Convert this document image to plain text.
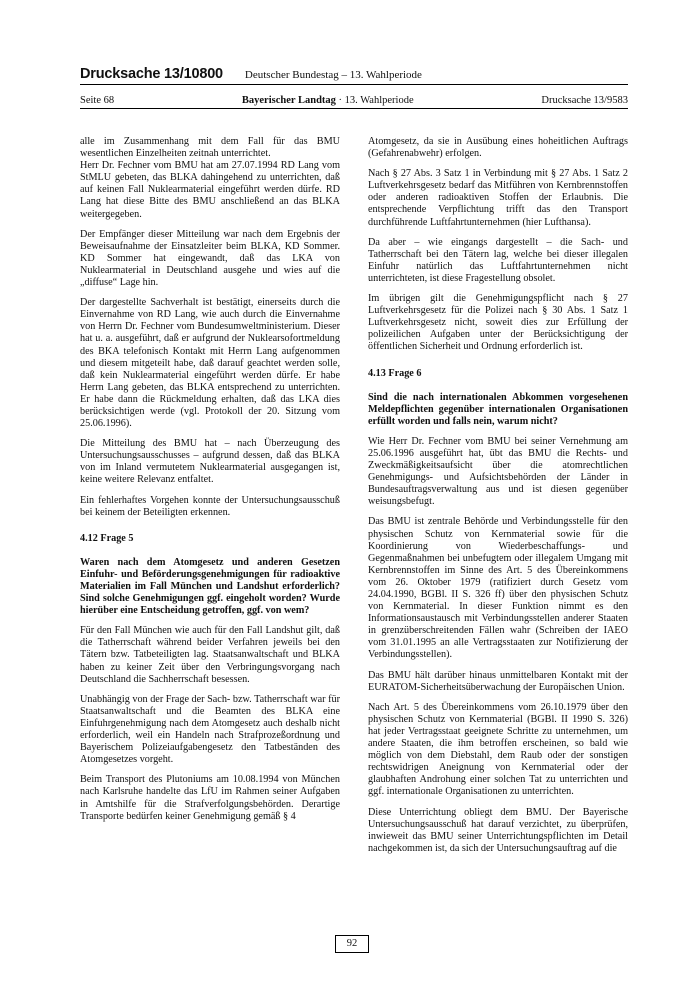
Drucksache 13/10800 Deutscher Bundestag – 13. Wahlperiode
Seite 68	Bayerischer Landtag · 13. Wahlperiode	Drucksache 13/9583

alle im Zusammenhang mit dem Fall für das BMU wesentlichen Einzelheiten zeitnah unterrichtet.

Herr Dr. Fechner vom BMU hat am 27.07.1994 RD Lang vom StMLU gebeten, das BLKA dahingehend zu unterrichten, daß auf keinen Fall Nuklearmaterial eingeführt werden dürfe. RD Lang hat diese Bitte des BMU anschließend an das BLKA weitergegeben.

Der Empfänger dieser Mitteilung war nach dem Ergebnis der Beweisaufnahme der Einsatzleiter beim BLKA, KD Sommer. KD Sommer hat eingewandt, daß das LKA von Nuklearmaterial in Deutschland ausgehe und wies auf die „diffuse“ Lage hin.

Der dargestellte Sachverhalt ist bestätigt, einerseits durch die Einvernahme von RD Lang, wie auch durch die Einvernahme von Herrn Dr. Fechner vom Bundesumweltministerium. Dieser hat u. a. ausgeführt, daß er aufgrund der Nuklearsofortmeldung des BKA telefonisch Kontakt mit Herrn Lang aufgenommen und diesem mitgeteilt habe, daß darauf geachtet werden solle, daß kein Nuklearmaterial eingeführt werden dürfe. Er habe Herrn Lang gebeten, das BLKA entsprechend zu unterrichten. Er habe dann die Rückmeldung erhalten, daß das LKA dies berücksichtigen werde (vgl. Protokoll der 20. Sitzung vom 25.06.1996).

Die Mitteilung des BMU hat – nach Überzeugung des Untersuchungsausschusses – aufgrund dessen, daß das BLKA von im Inland vermutetem Nuklearmaterial ausgegangen ist, keine weitere Relevanz entfaltet.

Ein fehlerhaftes Vorgehen konnte der Untersuchungsausschuß bei keinem der Beteiligten erkennen.

4.12 Frage 5

Waren nach dem Atomgesetz und anderen Gesetzen Einfuhr- und Beförderungsgenehmigungen für radioaktive Materialien im Fall München und Landshut erforderlich? Sind solche Genehmigungen ggf. eingeholt worden? Wurde hierüber eine Entscheidung getroffen, ggf. von wem?

Für den Fall München wie auch für den Fall Landshut gilt, daß die Tatherrschaft während beider Verfahren jeweils bei den Tätern bzw. Tatbeteiligten lag. Staatsanwaltschaft und BLKA haben zu keiner Zeit über den Verbringungsvorgang nach Deutschland die Sachherrschaft besessen.

Unabhängig von der Frage der Sach- bzw. Tatherrschaft war für Staatsanwaltschaft und die Beamten des BLKA eine Einfuhrgenehmigung nach dem Atomgesetz auch deshalb nicht erforderlich, weil ein Handeln nach Strafprozeßordnung und Bayerischem Polizeiaufgabengesetz den Tatbeständen des Atomgesetzes vorgeht.

Beim Transport des Plutoniums am 10.08.1994 von München nach Karlsruhe handelte das LfU im Rahmen seiner Aufgaben in Amtshilfe für die Strafverfolgungsbehörden. Derartige Transporte bedürfen keiner Genehmigung gemäß § 4

Atomgesetz, da sie in Ausübung eines hoheitlichen Auftrags (Gefahrenabwehr) erfolgen.

Nach § 27 Abs. 3 Satz 1 in Verbindung mit § 27 Abs. 1 Satz 2 Luftverkehrsgesetz bedarf das Mitführen von Kernbrennstoffen oder anderen radioaktiven Stoffen der Erlaubnis. Die entsprechende Verpflichtung trifft das den Transport durchführende Luftfahrtunternehmen (hier Lufthansa).

Da aber – wie eingangs dargestellt – die Sach- und Tatherrschaft bei den Tätern lag, welche bei dieser illegalen Einfuhr natürlich das Luftfahrtunternehmen nicht unterrichteten, ist diese Fragestellung obsolet.

Im übrigen gilt die Genehmigungspflicht nach § 27 Luftverkehrsgesetz für die Polizei nach § 30 Abs. 1 Satz 1 Luftverkehrsgesetz nicht, soweit dies zur Erfüllung der polizeilichen Aufgaben unter der Berücksichtigung der öffentlichen Sicherheit und Ordnung erforderlich ist.

4.13 Frage 6

Sind die nach internationalen Abkommen vorgesehenen Meldepflichten gegenüber internationalen Organisationen erfüllt worden und falls nein, warum nicht?

Wie Herr Dr. Fechner vom BMU bei seiner Vernehmung am 25.06.1996 ausgeführt hat, übt das BMU die Rechts- und Zweckmäßigkeitsaufsicht über die atomrechtlichen Genehmigungs- und Aufsichtsbehörden der Länder in Bundesauftragsverwaltung aus und ist diesen gegenüber weisungsbefugt.

Das BMU ist zentrale Behörde und Verbindungsstelle für den physischen Schutz von Kernmaterial sowie für die Koordinierung von Wiederbeschaffungs- und Gegenmaßnahmen bei unbefugtem oder illegalem Umgang mit Kernbrennstoffen im Sinne des Art. 5 des Übereinkommens vom 26. Oktober 1979 (ratifiziert durch Gesetz vom 24.04.1990, BGBl. II S. 326 ff) über den physischen Schutz von Kernmaterial. In dieser Funktion nimmt es den Informationsaustausch mit Verbindungsstellen anderer Staaten in grenzüberschreitenden Fällen wahr (Schreiben der IAEO vom 31.01.1995 an alle Vertragsstaaten zur Notifizierung der Verbindungsstellen).

Das BMU hält darüber hinaus unmittelbaren Kontakt mit der EURATOM-Sicherheitsüberwachung der Europäischen Union.

Nach Art. 5 des Übereinkommens vom 26.10.1979 über den physischen Schutz von Kernmaterial (BGBl. II 1990 S. 326) hat jeder Vertragsstaat geeignete Schritte zu unternehmen, um andere Staaten, die ihm betroffen erscheinen, so bald wie möglich von dem Diebstahl, dem Raub oder der sonstigen rechtswidrigen Aneignung von Kernmaterial oder der glaubhaften Androhung einer solchen Tat zu unterrichten und ggf. internationale Organisationen zu unterrichten.

Diese Unterrichtung obliegt dem BMU. Der Bayerische Untersuchungsausschuß hat darauf verzichtet, zu überprüfen, inwieweit das BMU seiner Unterrichtungspflichten im Detail nachgekommen ist, da sich der Untersuchungsauftrag auf die

92
